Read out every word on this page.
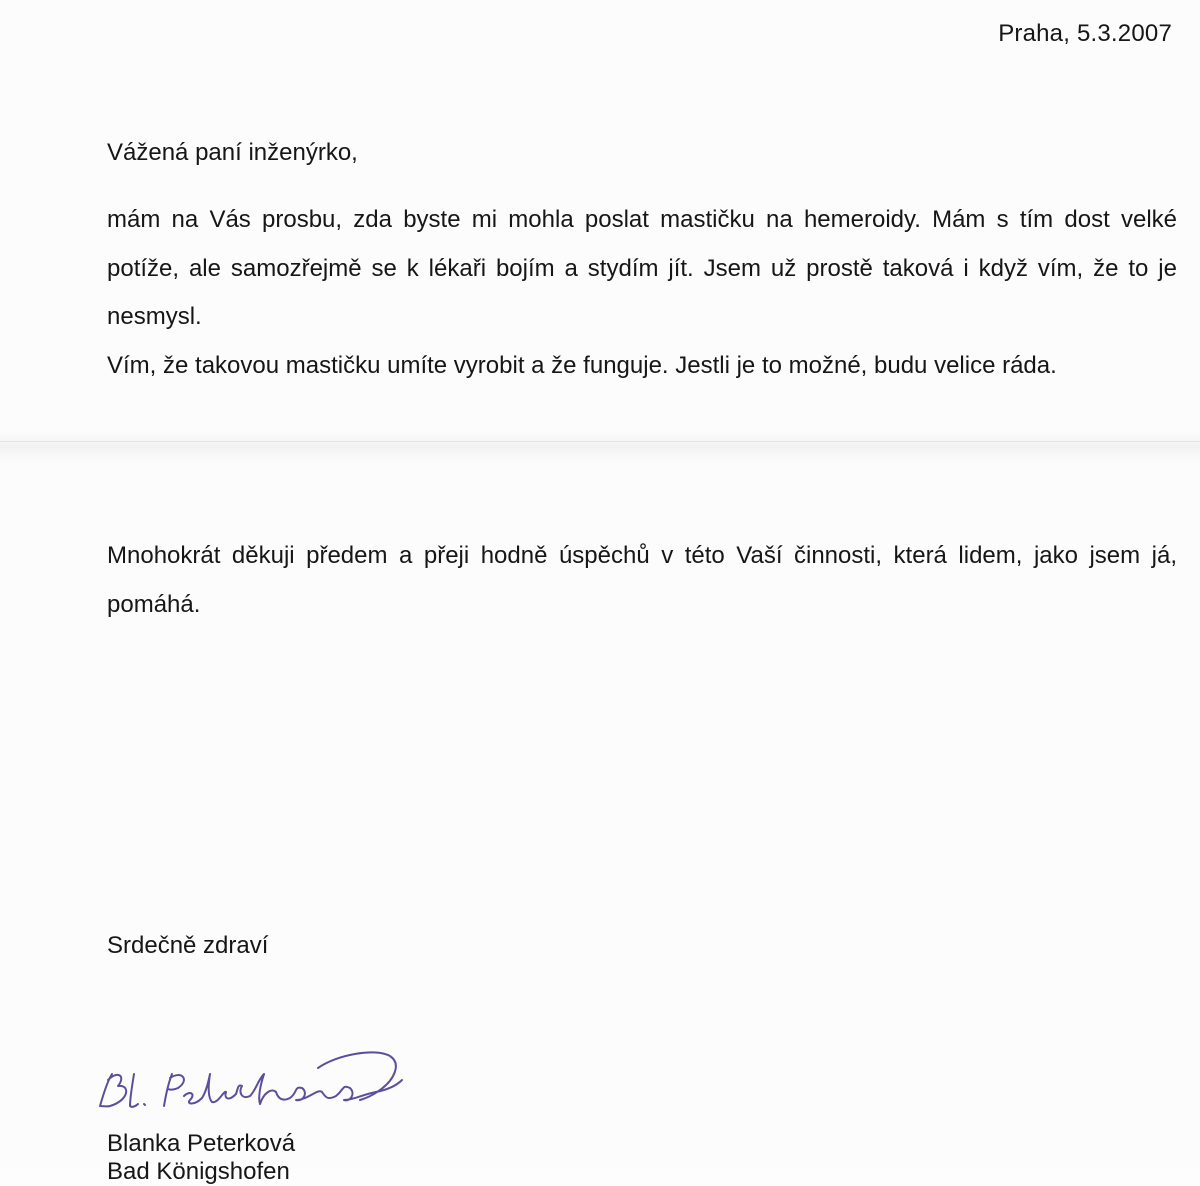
Praha, 5.3.2007
Vážená paní inženýrko,

mám na Vás prosbu, zda byste mi mohla poslat mastičku na hemeroidy. Mám s tím dost velké potíže, ale samozřejmě se k lékaři bojím a stydím jít. Jsem už prostě taková i když vím, že to je nesmysl.

Vím, že takovou mastičku umíte vyrobit a že funguje. Jestli je to možné, budu velice ráda.

Mnohokrát děkuji předem a přeji hodně úspěchů v této Vaší činnosti, která lidem, jako jsem já, pomáhá.
Srdečně zdraví
Blanka Peterková
Bad Königshofen
